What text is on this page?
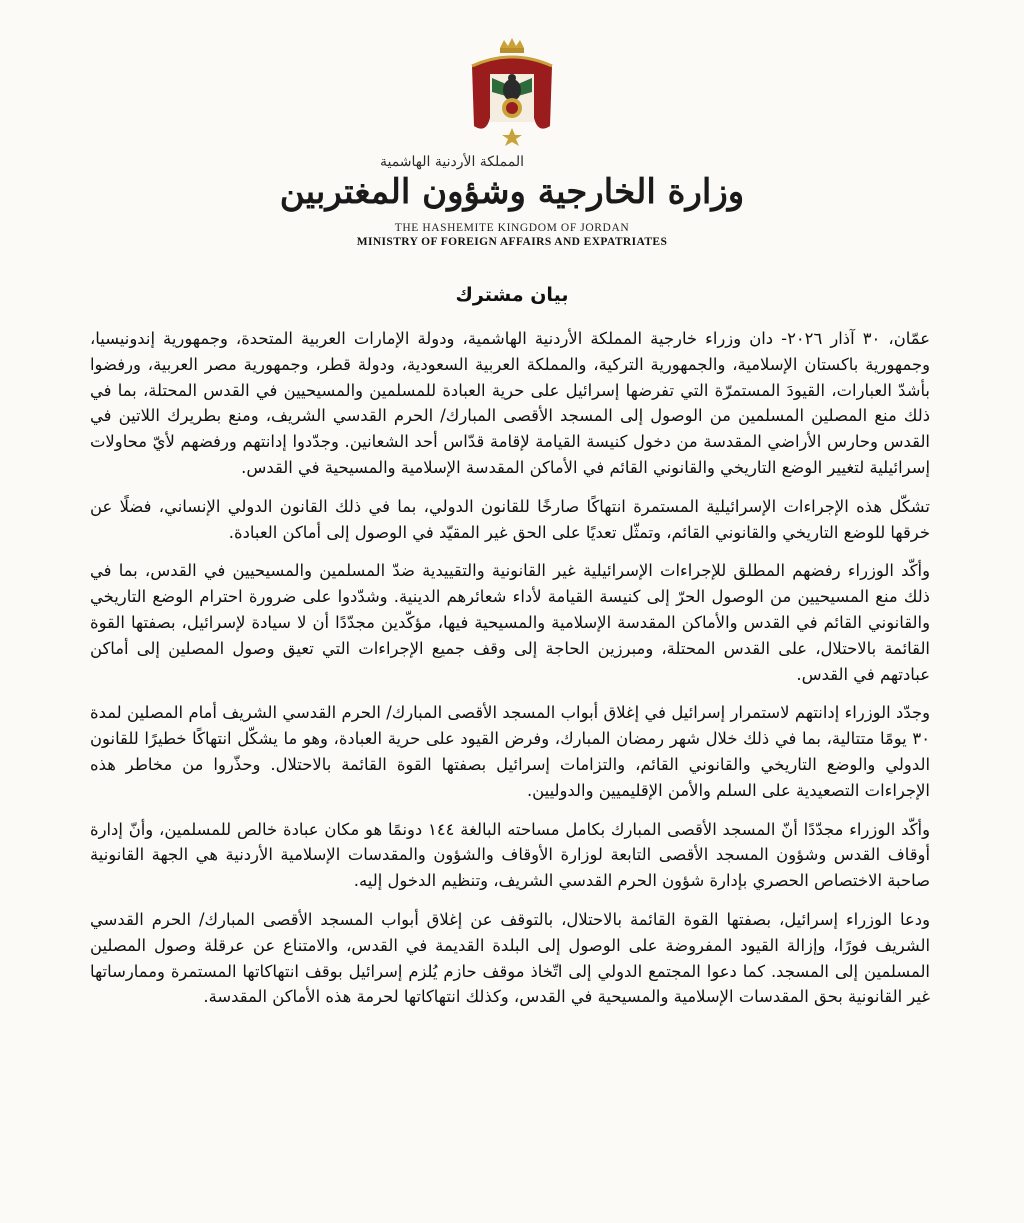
المملكة الأردنية الهاشمية
وزارة الخارجية وشؤون المغتربين
THE HASHEMITE KINGDOM OF JORDAN
MINISTRY OF FOREIGN AFFAIRS AND EXPATRIATES
بيان مشترك

عمّان، ٣٠ آذار ٢٠٢٦- دان وزراء خارجية المملكة الأردنية الهاشمية، ودولة الإمارات العربية المتحدة، وجمهورية إندونيسيا، وجمهورية باكستان الإسلامية، والجمهورية التركية، والمملكة العربية السعودية، ودولة قطر، وجمهورية مصر العربية، ورفضوا بأشدّ العبارات، القيودَ المستمرّة التي تفرضها إسرائيل على حرية العبادة للمسلمين والمسيحيين في القدس المحتلة، بما في ذلك منع المصلين المسلمين من الوصول إلى المسجد الأقصى المبارك/ الحرم القدسي الشريف، ومنع بطريرك اللاتين في القدس وحارس الأراضي المقدسة من دخول كنيسة القيامة لإقامة قدّاس أحد الشعانين. وجدّدوا إدانتهم ورفضهم لأيّ محاولات إسرائيلية لتغيير الوضع التاريخي والقانوني القائم في الأماكن المقدسة الإسلامية والمسيحية في القدس.

تشكّل هذه الإجراءات الإسرائيلية المستمرة انتهاكًا صارخًا للقانون الدولي، بما في ذلك القانون الدولي الإنساني، فضلًا عن خرقها للوضع التاريخي والقانوني القائم، وتمثّل تعديًا على الحق غير المقيّد في الوصول إلى أماكن العبادة.

وأكّد الوزراء رفضهم المطلق للإجراءات الإسرائيلية غير القانونية والتقييدية ضدّ المسلمين والمسيحيين في القدس، بما في ذلك منع المسيحيين من الوصول الحرّ إلى كنيسة القيامة لأداء شعائرهم الدينية. وشدّدوا على ضرورة احترام الوضع التاريخي والقانوني القائم في القدس والأماكن المقدسة الإسلامية والمسيحية فيها، مؤكّدين مجدّدًا أن لا سيادة لإسرائيل، بصفتها القوة القائمة بالاحتلال، على القدس المحتلة، ومبرزين الحاجة إلى وقف جميع الإجراءات التي تعيق وصول المصلين إلى أماكن عبادتهم في القدس.

وجدّد الوزراء إدانتهم لاستمرار إسرائيل في إغلاق أبواب المسجد الأقصى المبارك/ الحرم القدسي الشريف أمام المصلين لمدة ٣٠ يومًا متتالية، بما في ذلك خلال شهر رمضان المبارك، وفرض القيود على حرية العبادة، وهو ما يشكّل انتهاكًا خطيرًا للقانون الدولي والوضع التاريخي والقانوني القائم، والتزامات إسرائيل بصفتها القوة القائمة بالاحتلال. وحذّروا من مخاطر هذه الإجراءات التصعيدية على السلم والأمن الإقليميين والدوليين.

وأكّد الوزراء مجدّدًا أنّ المسجد الأقصى المبارك بكامل مساحته البالغة ١٤٤ دونمًا هو مكان عبادة خالص للمسلمين، وأنّ إدارة أوقاف القدس وشؤون المسجد الأقصى التابعة لوزارة الأوقاف والشؤون والمقدسات الإسلامية الأردنية هي الجهة القانونية صاحبة الاختصاص الحصري بإدارة شؤون الحرم القدسي الشريف، وتنظيم الدخول إليه.

ودعا الوزراء إسرائيل، بصفتها القوة القائمة بالاحتلال، بالتوقف عن إغلاق أبواب المسجد الأقصى المبارك/ الحرم القدسي الشريف فورًا، وإزالة القيود المفروضة على الوصول إلى البلدة القديمة في القدس، والامتناع عن عرقلة وصول المصلين المسلمين إلى المسجد. كما دعوا المجتمع الدولي إلى اتّخاذ موقف حازم يُلزم إسرائيل بوقف انتهاكاتها المستمرة وممارساتها غير القانونية بحق المقدسات الإسلامية والمسيحية في القدس، وكذلك انتهاكاتها لحرمة هذه الأماكن المقدسة.
